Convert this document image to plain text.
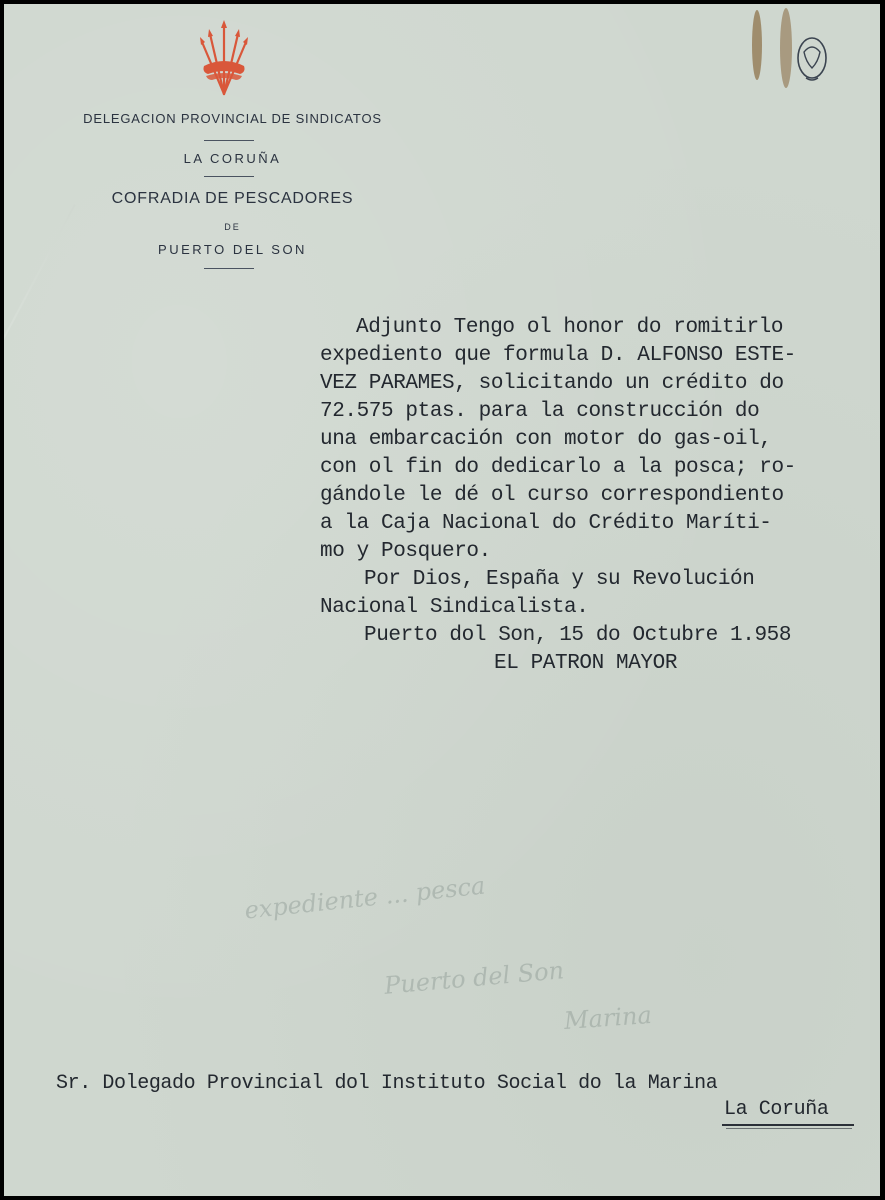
DELEGACION PROVINCIAL DE SINDICATOS
LA CORUÑA
COFRADIA DE PESCADORES
DE
PUERTO DEL SON
expediente ... pesca
Puerto del Son
Marina
Adjunto Tengo ol honor do romitirlo
expediento que formula D. ALFONSO ESTE-
VEZ PARAMES, solicitando un crédito do
72.575 ptas. para la construcción do
una embarcación con motor do gas-oil,
con ol fin do dedicarlo a la posca; ro-
gándole le dé ol curso correspondiento
a la Caja Nacional do Crédito Maríti-
mo y Posquero.
Por Dios, España y su Revolución
Nacional Sindicalista.
Puerto dol Son, 15 do Octubre 1.958
EL PATRON MAYOR
Sr. Dolegado Provincial dol Instituto Social do la Marina
La Coruña
